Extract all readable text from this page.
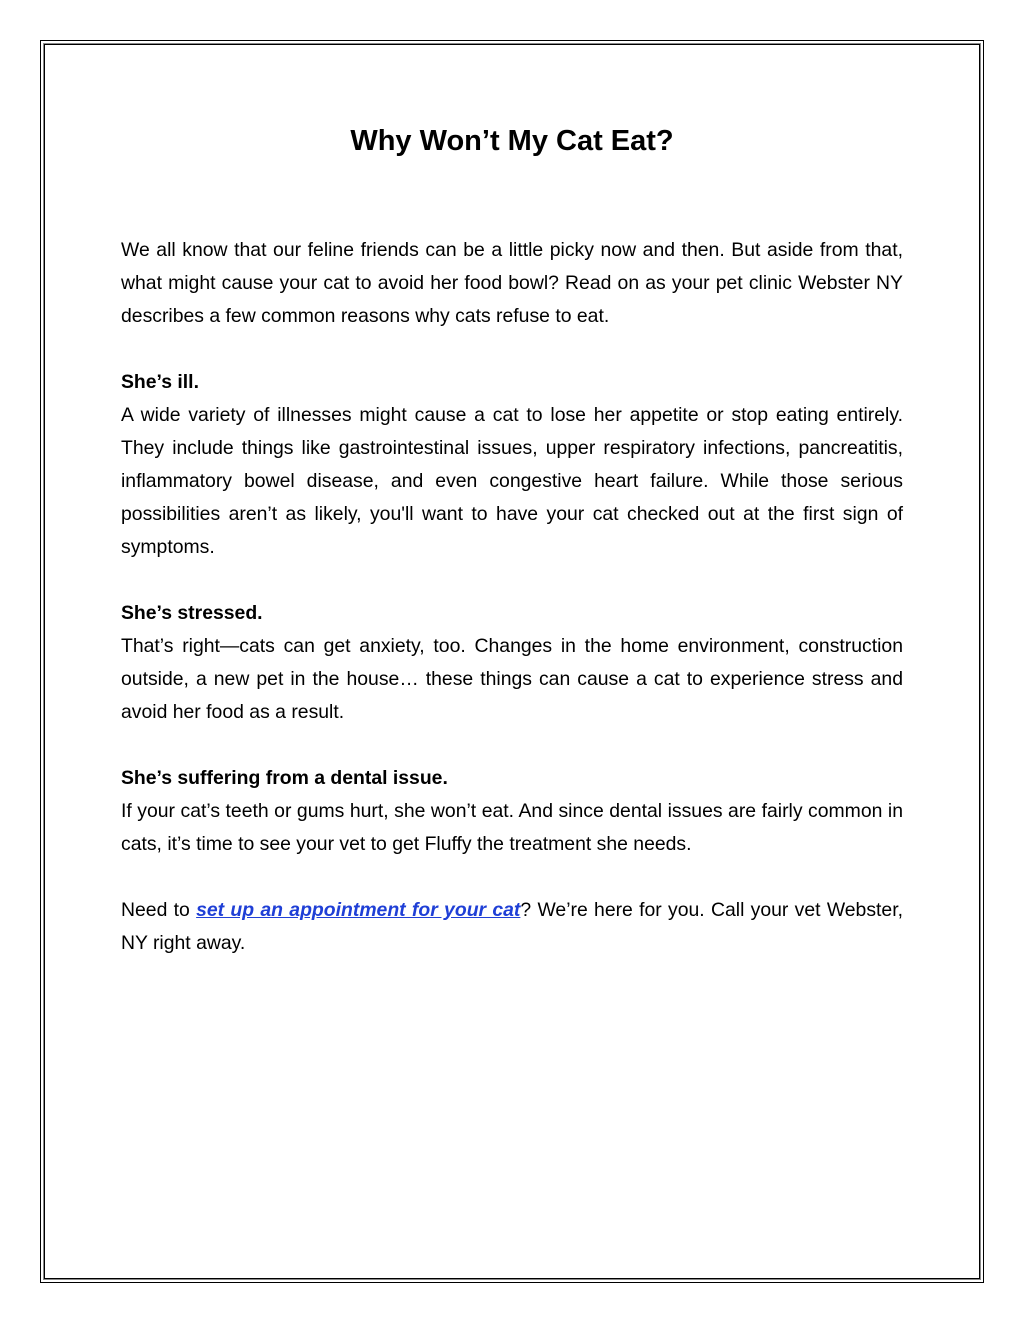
Why Won’t My Cat Eat?

We all know that our feline friends can be a little picky now and then. But aside from that, what might cause your cat to avoid her food bowl? Read on as your pet clinic Webster NY describes a few common reasons why cats refuse to eat.

She’s ill.
A wide variety of illnesses might cause a cat to lose her appetite or stop eating entirely. They include things like gastrointestinal issues, upper respiratory infections, pancreatitis, inflammatory bowel disease, and even congestive heart failure. While those serious possibilities aren’t as likely, you'll want to have your cat checked out at the first sign of symptoms.

She’s stressed.
That’s right—cats can get anxiety, too. Changes in the home environment, construction outside, a new pet in the house… these things can cause a cat to experience stress and avoid her food as a result.

She’s suffering from a dental issue.
If your cat’s teeth or gums hurt, she won’t eat. And since dental issues are fairly common in cats, it’s time to see your vet to get Fluffy the treatment she needs.

Need to set up an appointment for your cat? We’re here for you. Call your vet Webster, NY right away.
